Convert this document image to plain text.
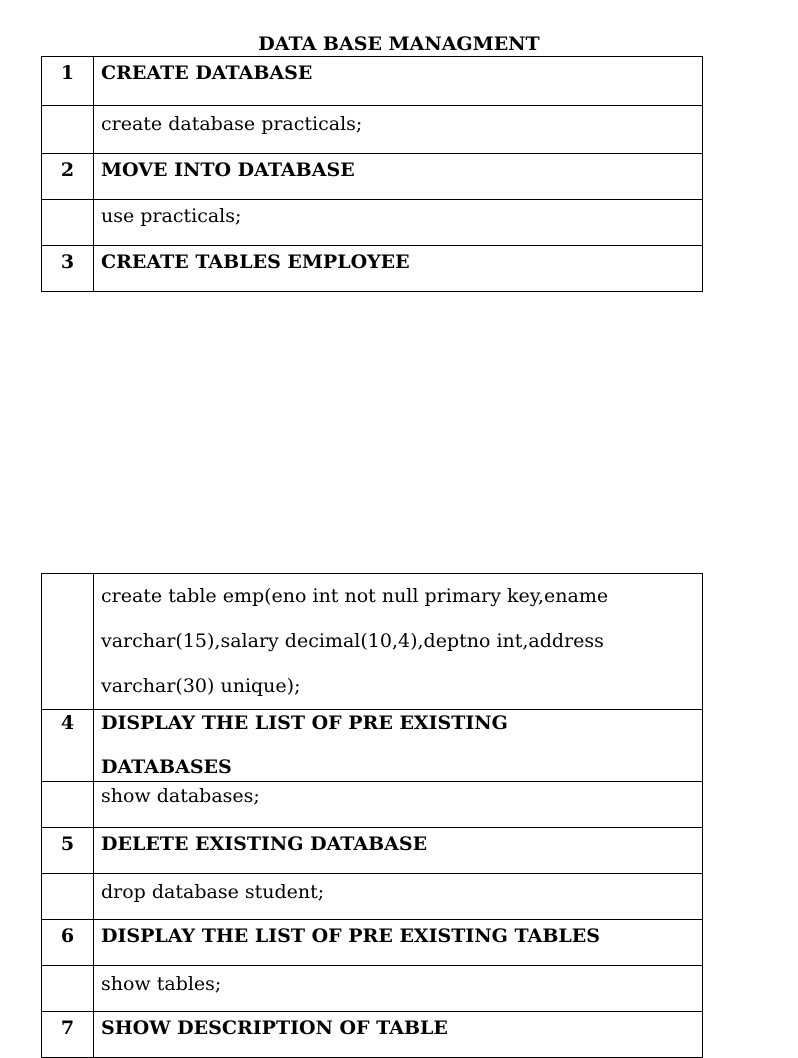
DATA BASE MANAGMENT
1	CREATE DATABASE
	create database practicals;
2	MOVE INTO DATABASE
	use practicals;
3	CREATE TABLES EMPLOYEE

	create table emp(eno int not null primary key,ename
varchar(15),salary decimal(10,4),deptno int,address
varchar(30) unique);

4	DISPLAY THE LIST OF PRE EXISTING
DATABASES

	show databases;
5	DELETE EXISTING DATABASE
	drop database student;
6	DISPLAY THE LIST OF PRE EXISTING TABLES
	show tables;
7	SHOW DESCRIPTION OF TABLE
